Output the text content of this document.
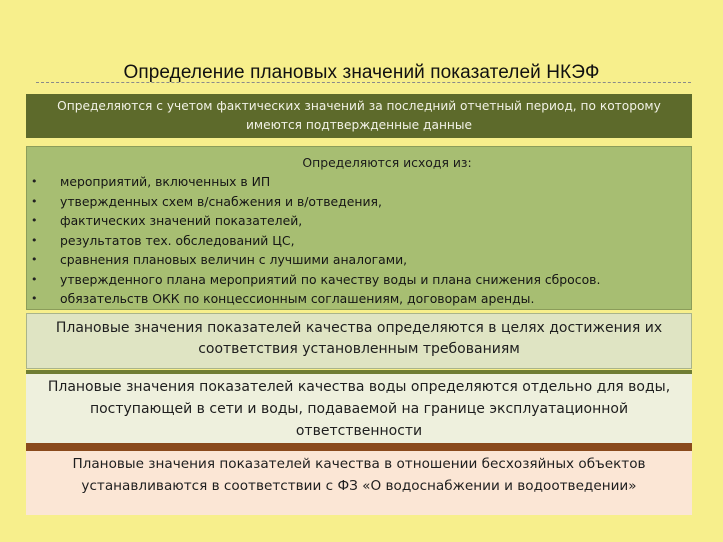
Определение плановых значений показателей НКЭФ
Определяются с учетом фактических значений за последний отчетный период, по которому
имеются подтвержденные данные
Определяются исходя из:
• мероприятий, включенных в ИП
• утвержденных схем в/снабжения и в/отведения,
• фактических значений показателей,
• результатов тех. обследований ЦС,
• сравнения плановых величин с лучшими аналогами,
• утвержденного плана мероприятий по качеству воды и плана снижения сбросов.
• обязательств ОКК по концессионным соглашениям, договорам аренды.
Плановые значения показателей качества определяются в целях достижения их
соответствия установленным требованиям
Плановые значения показателей качества воды определяются отдельно для воды,
поступающей в сети и воды, подаваемой на границе эксплуатационной
ответственности
Плановые значения показателей качества в отношении бесхозяйных объектов
устанавливаются в соответствии с ФЗ «О водоснабжении и водоотведении»
